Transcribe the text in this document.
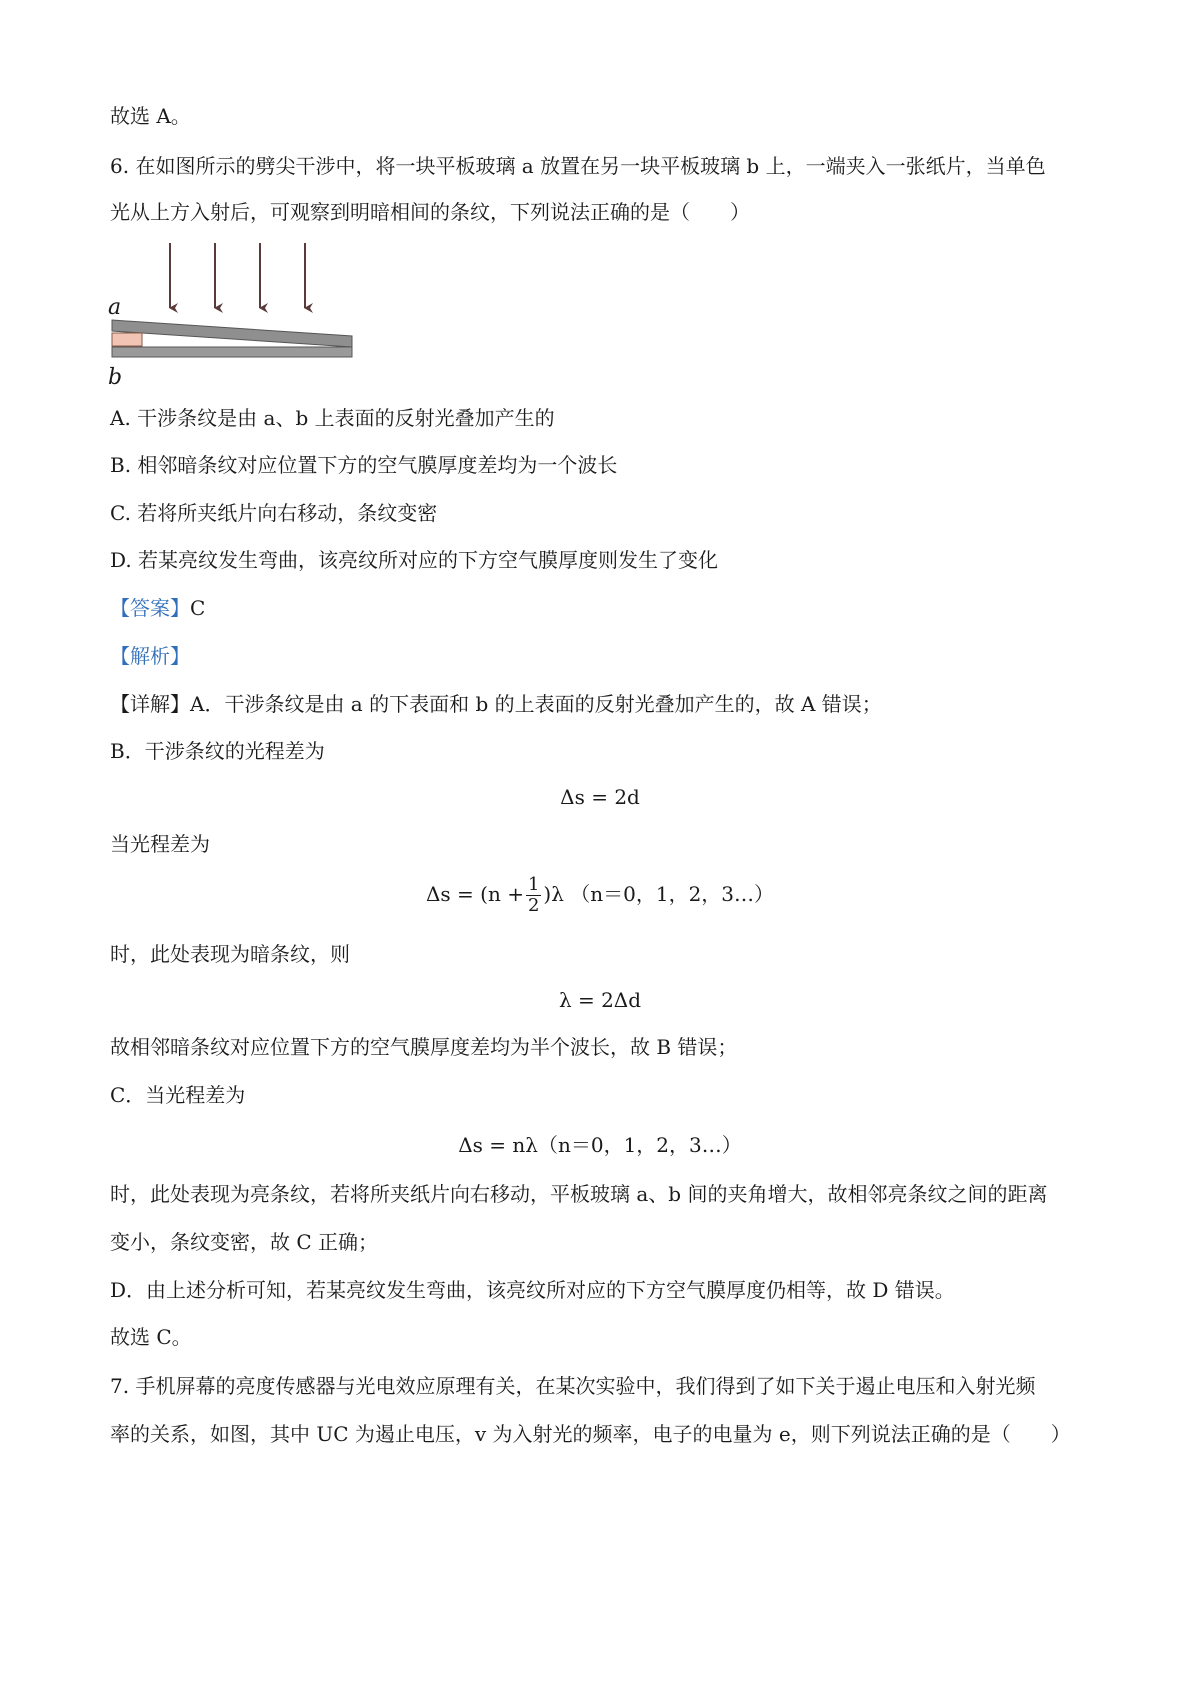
故选 A。
6. 在如图所示的劈尖干涉中，将一块平板玻璃 a 放置在另一块平板玻璃 b 上，一端夹入一张纸片，当单色
光从上方入射后，可观察到明暗相间的条纹，下列说法正确的是（　　）
a
b
A. 干涉条纹是由 a、b 上表面的反射光叠加产生的
B. 相邻暗条纹对应位置下方的空气膜厚度差均为一个波长
C. 若将所夹纸片向右移动，条纹变密
D. 若某亮纹发生弯曲，该亮纹所对应的下方空气膜厚度则发生了变化
【答案】C
【解析】
【详解】A．干涉条纹是由 a 的下表面和 b 的上表面的反射光叠加产生的，故 A 错误；
B．干涉条纹的光程差为
Δs = 2d
当光程差为
$\Delta s = (n + \frac{1}{2} )\lambda$ （n＝0，1，2，3…）
时，此处表现为暗条纹，则
λ = 2Δd
故相邻暗条纹对应位置下方的空气膜厚度差均为半个波长，故 B 错误；
C．当光程差为
Δs = nλ（n＝0，1，2，3…）
时，此处表现为亮条纹，若将所夹纸片向右移动，平板玻璃 a、b 间的夹角增大，故相邻亮条纹之间的距离
变小，条纹变密，故 C 正确；
D．由上述分析可知，若某亮纹发生弯曲，该亮纹所对应的下方空气膜厚度仍相等，故 D 错误。
故选 C。
7. 手机屏幕的亮度传感器与光电效应原理有关，在某次实验中，我们得到了如下关于遏止电压和入射光频
率的关系，如图，其中 UC 为遏止电压，v 为入射光的频率，电子的电量为 e，则下列说法正确的是（　　）
